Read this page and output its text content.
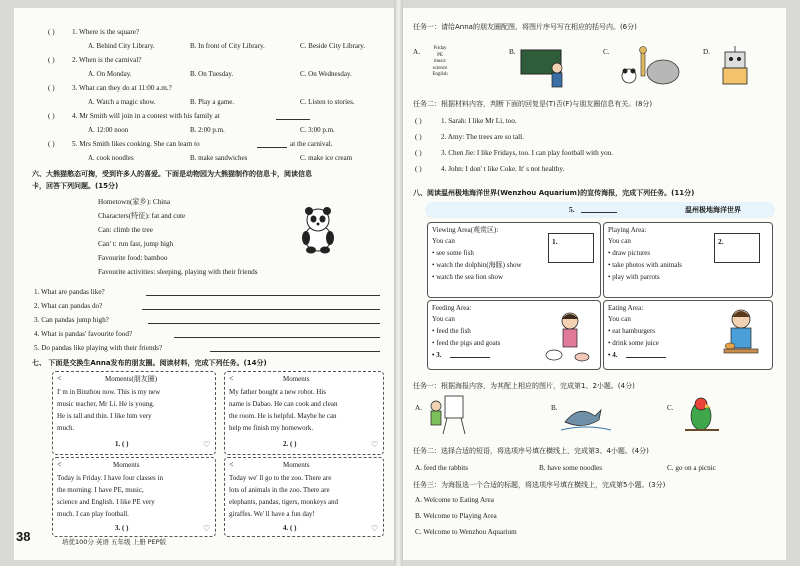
( ) 1. Where is the square?
A. Behind City Library.	B. In front of City Library.	C. Beside City Library.
( ) 2. When is the carnival?
A. On Monday.	B. On Tuesday.	C. On Wednesday.
( ) 3. What can they do at 11:00 a.m.?
A. Watch a magic show.	B. Play a game.	C. Listen to stories.
( ) 4. Mr Smith will join in a contest with his family at
A. 12:00 noon	B. 2:00 p.m.	C. 3:00 p.m.
( ) 5. Mrs Smith likes cooking. She can learn to	at the carnival.
A. cook noodles	B. make sandwiches	C. make ice cream
六、大熊猫憨态可掬，受到许多人的喜爱。下面是动物园为大熊猫制作的信息卡，阅读信息
卡，回答下列问题。(15分)
Hometown(家乡): China
Characters(特征): fat and cute
Can: climb the tree
Can' t: run fast, jump high
Favourite food: bamboo
Favourite activities: sleeping, playing with their friends
1. What are pandas like?
2. What can pandas do?
3. Can pandas jump high?
4. What is pandas' favourite food?
5. Do pandas like playing with their friends?
七、 下面是交换生Anna发布的朋友圈。阅读材料，完成下列任务。(14分)
<	Moments(朋友圈)
I' m in Binzhou now. This is my new
music teacher, Mr Li. He is young.
He is tall and thin. I like him very
much.
1. ( )	♡
<	Moments
My father bought a new robot. His
name is Dabao. He can cook and clean
the room. He is helpful. Maybe he can
help me finish my homework.
2. ( )	♡
<	Moments
Today is Friday. I have four classes in
the morning. I have PE, music,
science and English. I like PE very
much. I can play football.
3. ( )	♡
<	Moments
Today we' ll go to the zoo. There are
lots of animals in the zoo. There are
elephants, pandas, tigers, monkeys and
giraffes. We' ll have a fun day!
4. ( )	♡
38	培优100分 英语 五年级 上册 PEP版
任务一：请给Anna的朋友圈配图，将图片序号写在相应的括号内。(6分)
A.	Friday
PE
music
science
English
B.	C.	D.
任务二：根据材料内容，判断下面的回复是(T)否(F)与朋友圈信息有关。(8分)
( )	1. Sarah: I like Mr Li, too.
( )	2. Amy: The trees are so tall.
( )	3. Chen Jie: I like Fridays, too. I can play football with you.
( )	4. John: I don' t like Coke. It' s not healthy.
八、阅读温州极地海洋世界(Wenzhou Aquarium)的宣传海报，完成下列任务。(11分)
5.	温州极地海洋世界
Viewing Area(观赏区):
You can
• see some fish
• watch the dolphin(海豚) show
• watch the sea lion show
1.
Playing Area:
You can
• draw pictures
• take photos with animals
• play with parrots
2.
Feeding Area:
You can
• feed the fish
• feed the pigs and goats
• 3.
Eating Area:
You can
• eat hamburgers
• drink some juice
• 4.
任务一：根据海报内容，为其配上相应的图片，完成第1、2小题。(4分)
A.	B.	C.
任务二：选择合适的短语，将选项序号填在横线上，完成第3、4小题。(4分)
A. feed the rabbits	B. have some noodles	C. go on a picnic
任务三：为海报选一个合适的标题，将选项序号填在横线上，完成第5小题。(3分)
A. Welcome to Eating Area
B. Welcome to Playing Area
C. Welcome to Wenzhou Aquarium
